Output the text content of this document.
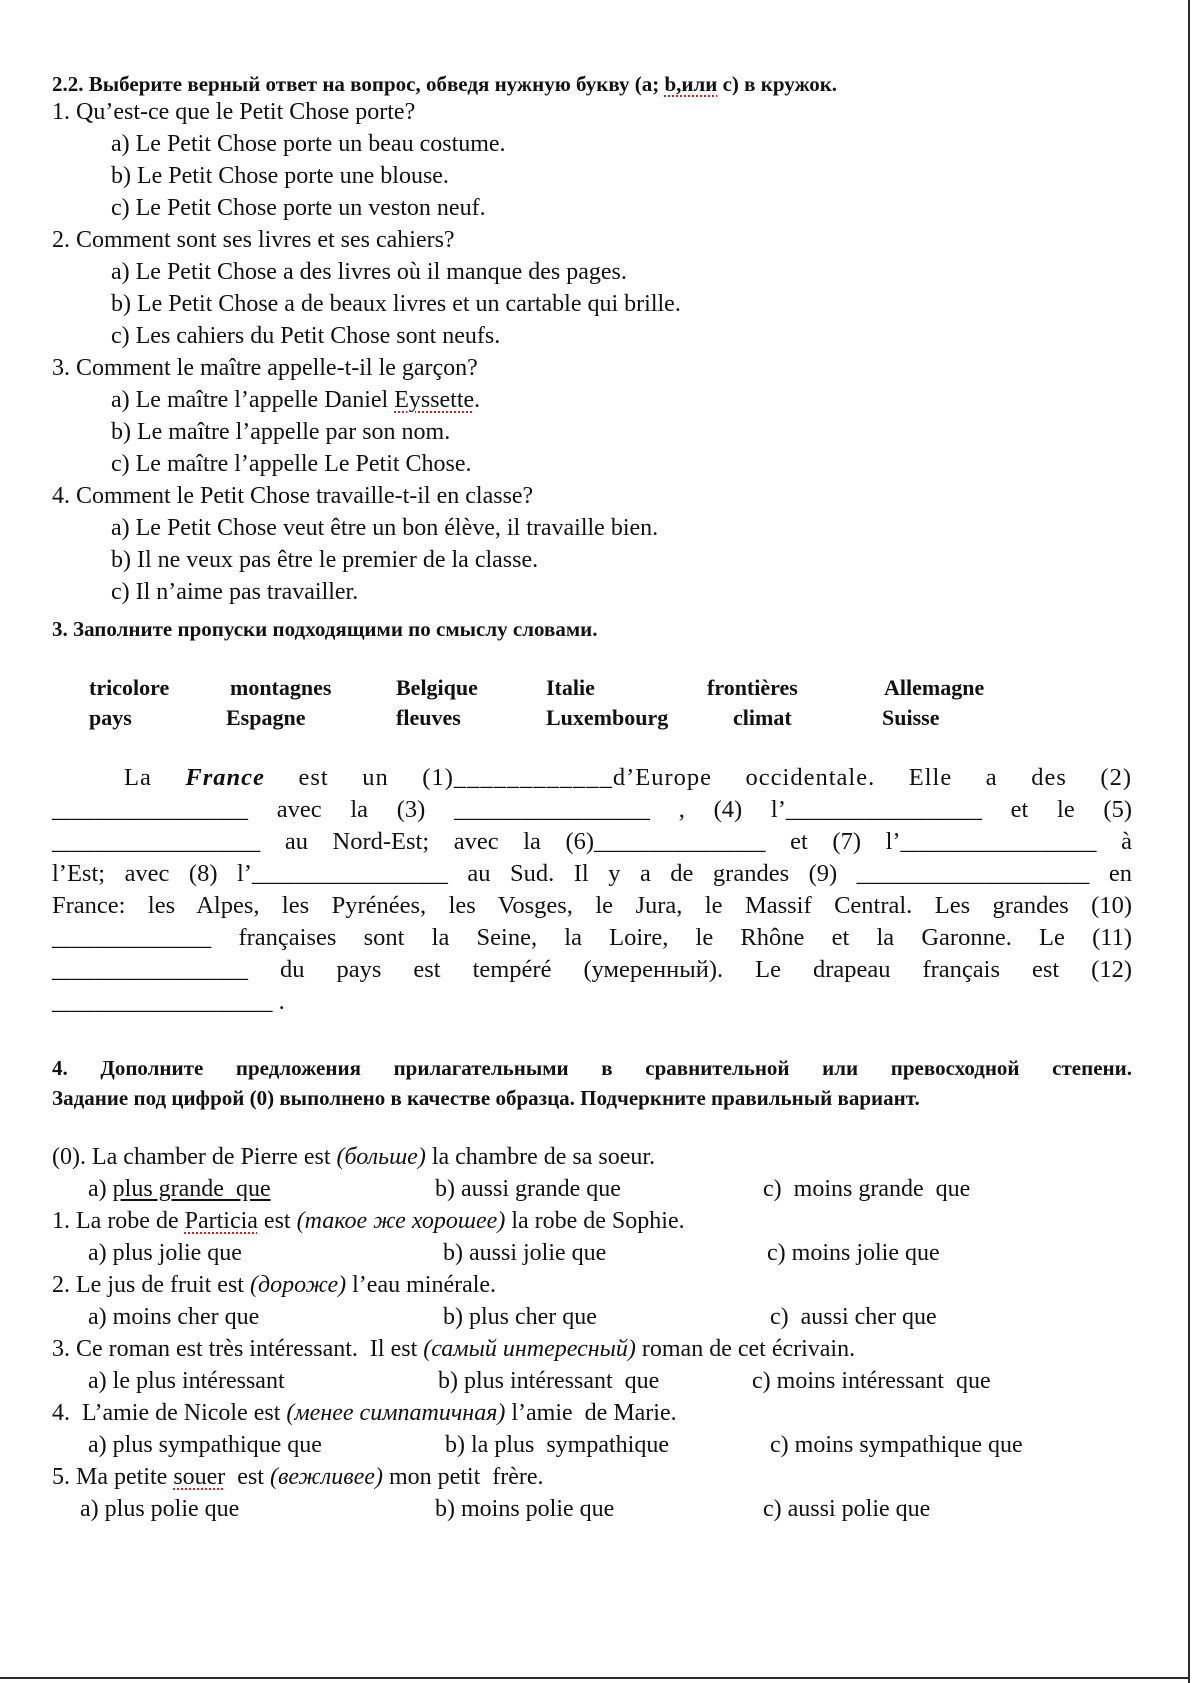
2.2. Выберите верный ответ на вопрос, обведя нужную букву (а; b,или с) в кружок.
1. Qu’est-ce que le Petit Chose porte?
a) Le Petit Chose porte un beau costume.
b) Le Petit Chose porte une blouse.
c) Le Petit Chose porte un veston neuf.
2. Comment sont ses livres et ses cahiers?
a) Le Petit Chose a des livres où il manque des pages.
b) Le Petit Chose a de beaux livres et un cartable qui brille.
c) Les cahiers du Petit Chose sont neufs.
3. Comment le maître appelle-t-il le garçon?
a) Le maître l’appelle Daniel Eyssette.
b) Le maître l’appelle par son nom.
c) Le maître l’appelle Le Petit Chose.
4. Comment le Petit Chose travaille-t-il en classe?
a) Le Petit Chose veut être un bon élève, il travaille bien.
b) Il ne veux pas être le premier de la classe.
c) Il n’aime pas travailler.
3. Заполните пропуски подходящими по смыслу словами.
tricolore	montagnes	Belgique	Italie	frontières	Allemagne
pays	Espagne	fleuves	Luxembourg	climat	Suisse
La France est un (1)____________d’Europe occidentale. Elle a des (2)
________________ avec la (3) ________________ , (4) l’________________ et le (5)
_________________ au Nord-Est; avec la (6)______________ et (7) l’________________ à
l’Est; avec (8) l’________________ au Sud. Il y a de grandes (9) ___________________ en
France: les Alpes, les Pyrénées, les Vosges, le Jura, le Massif Central. Les grandes (10)
_____________ françaises sont la Seine, la Loire, le Rhône et la Garonne. Le (11)
________________ du pays est tempéré (умеренный). Le drapeau français est (12)
__________________ .
4. Дополните предложения прилагательными в сравнительной или превосходной степени.
Задание под цифрой (0) выполнено в качестве образца. Подчеркните правильный вариант.
(0). La chamber de Pierre est (больше) la chambre de sa soeur.
a) plus grande  que	b) aussi grande que	c)  moins grande  que
1. La robe de Particia est (такое же хорошее) la robe de Sophie.
a) plus jolie que	b) aussi jolie que	c) moins jolie que
2. Le jus de fruit est (дороже) l’eau minérale.
a) moins cher que	b) plus cher que	c)  aussi cher que
3. Ce roman est très intéressant.  Il est (самый интересный) roman de cet écrivain.
a) le plus intéressant	b) plus intéressant  que	c) moins intéressant  que
4.  L’amie de Nicole est (менее симпатичная) l’amie  de Marie.
a) plus sympathique que	b) la plus  sympathique	c) moins sympathique que
5. Ma petite souer  est (вежливее) mon petit  frère.
a) plus polie que	b) moins polie que	c) aussi polie que
